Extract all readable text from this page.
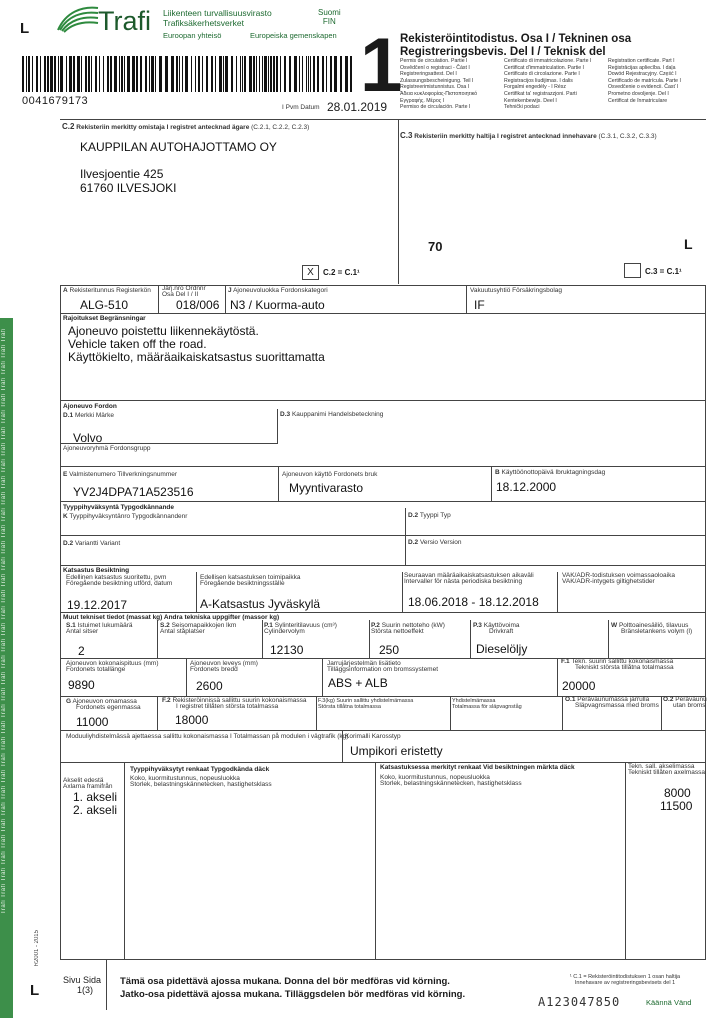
Trafi Trafi Trafi Trafi Trafi Trafi Trafi Trafi Trafi Trafi Trafi Trafi Trafi Trafi Trafi Trafi Trafi Trafi Trafi Trafi Trafi Trafi Trafi Trafi Trafi Trafi Trafi Trafi Trafi Trafi Trafi Trafi Trafi Trafi Trafi Trafi
L
L
Trafi Liikenteen turvallisuusvirasto
Trafiksäkerhetsverket
Euroopan yhteisö	Europeiska gemenskapen
Suomi
FIN
0041679173
I Pvm Datum 28.01.2019
1
Rekisteröintitodistus. Osa I / Tekninen osa
Registreringsbevis. Del I / Teknisk del
Permis de circulation. Partie I	Certificato di immatricolazione. Parte I	Registration certificate. Part I
Osvědčení o registraci - Část I	Certificat d'immatriculation. Partie I	Reģistrācijas apliecība. I daļa
Registreringsattest. Del I	Certificato di circolazione. Parte I	Dowód Rejestracyjny. Część I
Zulassungsbescheinigung. Teil I	Registracijos liudijimas. I dalis	Certificado de matrícula. Parte I
Registreerimistunnistus. Osa I	Forgalmi engedély - I Rész	Osvedčenie o evidencii. Časť I
Άδεια κυκλοφορίας-Πιστοποιητικό	Certifikat ta' registrazzjoni. Parti	Prometno dovoljenje. Del I
Εγγραφής. Μέρος I	Kentekenbewijs. Deel I	Certificat de înmatriculare
Permiso de circulación. Parte I	Tehnički podaci
C.2 Rekisteriin merkitty omistaja I registret antecknad ägare (C.2.1, C.2.2, C.2.3)
KAUPPILAN AUTOHAJOTTAMO OY
Ilvesjoentie 425
61760 ILVESJOKI
C.3 Rekisteriin merkitty haltija I registret antecknad innehavare (C.3.1, C.3.2, C.3.3)
70	L
X	C.2 = C.1¹	C.3 = C.1¹
A Rekisteritunnus Registerkön
ALG-510
Järj.nro Ordnnr
Osa Del I / II
018/006
J Ajoneuvoluokka Fordonskategori
N3 / Kuorma-auto
Vakuutusyhtiö Försäkringsbolag
IF
Rajoitukset Begränsningar
Ajoneuvo poistettu liikennekäytöstä.
Vehicle taken off the road.
Käyttökielto, määräaikaiskatsastus suorittamatta
Ajoneuvo Fordon
D.1 Merkki Märke
Volvo
D.3 Kauppanimi Handelsbeteckning
Ajoneuvoryhmä Fordonsgrupp
E Valmistenumero Tillverkningsnummer
YV2J4DPA71A523516
Ajoneuvon käyttö Fordonets bruk
Myyntivarasto
B Käyttöönottopäivä Ibruktagningsdag
18.12.2000
Tyyppihyväksyntä Typgodkännande
K Tyyppihyväksyntänro Typgodkännandenr	D.2 Tyyppi Typ
D.2 Variantti Variant	D.2 Versio Version
Katsastus Besiktning
Edellinen katsastus suoritettu, pvm
Föregående besiktning utförd, datum
19.12.2017
Edellisen katsastuksen toimipaikka
Föregående besiktningsställe
A-Katsastus Jyväskylä
Seuraavan määräaikaiskatsastuksen aikaväli
Intervaller för nästa periodiska besiktning
18.06.2018 - 18.12.2018
VAK/ADR-todistuksen voimassaoloaika
VAK/ADR-intygets giltighetstider
Muut tekniset tiedot (massat kg) Andra tekniska uppgifter (massor kg)
S.1 Istuimet lukumäärä
Antal sitser
2
S.2 Seisomapaikkojen lkm
Antal ståplatser
P.1 Sylinteritilavuus (cm³)
Cylindervolym
12130
P.2 Suurin nettoteho (kW)
Största nettoeffekt
250
P.3 Käyttövoima
Drivkraft
Dieselöljy
W Polttoainesäiliö, tilavuus
Bränsletankens volym (l)
Ajoneuvon kokonaispituus (mm)
Fordonets totallänge
9890
Ajoneuvon leveys (mm)
Fordonets bredd
2600
Jarrujärjestelmän lisätieto
Tilläggsinformation om bromssystemet
ABS + ALB
F.1 Tekn. suurin sallittu kokonaismassa
Tekniskt största tillåtna totalmassa
20000
G Ajoneuvon omamassa
Fordonets egenmassa
11000
F.2 Rekisteröinnissä sallittu suurin kokonaismassa
I registret tillåten största totalmassa
18000
F.3(kg) Suurin sallittu yhdistelmämassa
Största tillåtna totalmassa
Yhdistelmämassa
Totalmassa för släpvagnståg
O.1 Perävaunumassa jarrulla
Släpvagnsmassa med broms
O.2 Perävaunu
utan broms
Moduuliyhdistelmässä ajettaessa sallittu kokonaismassa I Totalmassan på modulen i vägtrafik (kg)
Korimalli Karosstyp
Umpikori eristetty
Akselit edestä
Axlarna framifrån
1. akseli
2. akseli
Tyyppihyväksytyt renkaat Typgodkända däck
Koko, kuormitustunnus, nopeusluokka
Storlek, belastningskännetecken, hastighetsklass
Katsastuksessa merkityt renkaat Vid besiktningen märkta däck
Koko, kuormitustunnus, nopeusluokka
Storlek, belastningskännetecken, hastighetsklass
Tekn. sall. akselimassa
Tekniskt tillåten axelmassa
8000
11500
R2001 - 2015
Sivu Sida
1(3)
Tämä osa pidettävä ajossa mukana. Donna del bör medföras vid körning.
Jatko-osa pidettävä ajossa mukana. Tilläggsdelen bör medföras vid körning.
¹ C.1 = Rekisteröintitodistuksen 1 osan haltija
Innehavare av registreringsbevisets del 1
A123047850	Käännä Vänd
